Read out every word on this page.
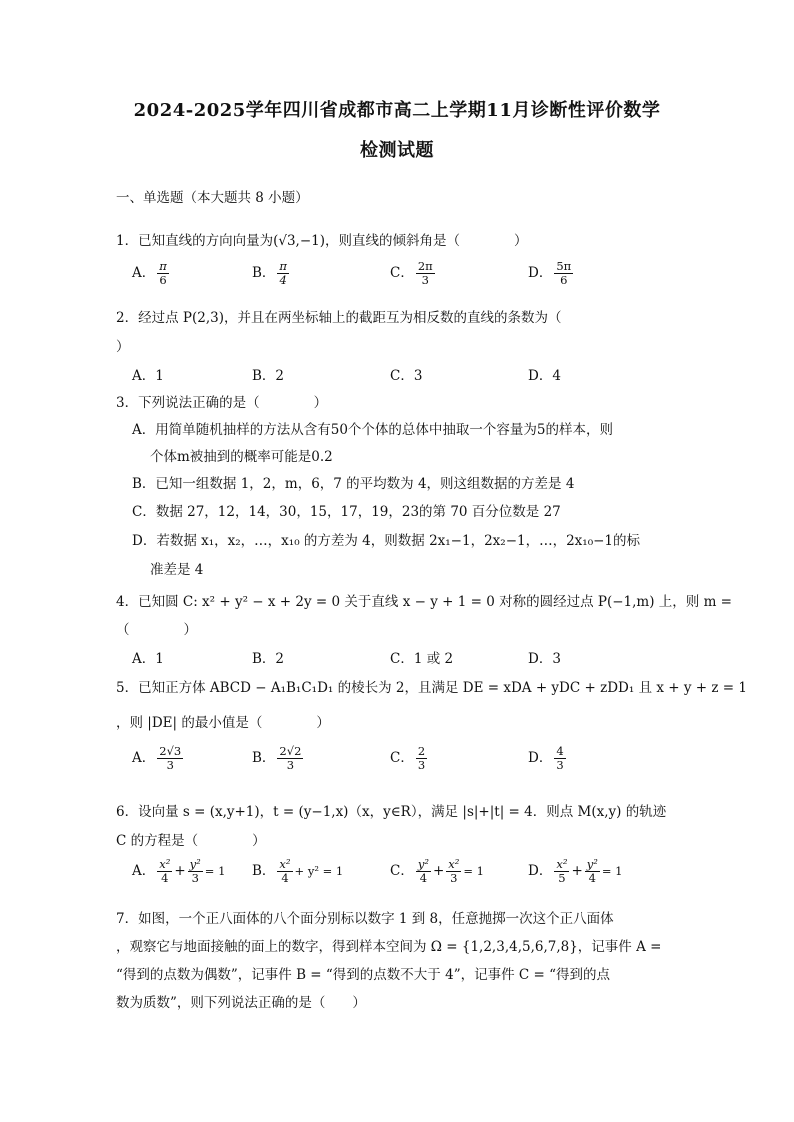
2024-2025学年四川省成都市高二上学期11月诊断性评价数学
检测试题
一、单选题（本大题共 8 小题）
1．已知直线的方向向量为(√3,−1)，则直线的倾斜角是（　　　　）
A． $\frac{\pi}{6}$	B． $\frac{\pi}{4}$	C． $\frac{2\pi}{3}$	D． $\frac{5\pi}{6}$
2．经过点 P(2,3)，并且在两坐标轴上的截距互为相反数的直线的条数为（
）
A．1	B．2	C．3	D．4
3．下列说法正确的是（　　　　）
A．用简单随机抽样的方法从含有50个个体的总体中抽取一个容量为5的样本，则
个体m被抽到的概率可能是0.2
B．已知一组数据 1，2，m，6，7 的平均数为 4，则这组数据的方差是 4
C．数据 27，12，14，30，15，17，19，23的第 70 百分位数是 27
D．若数据 x₁，x₂，…，x₁₀ 的方差为 4，则数据 2x₁−1，2x₂−1，…，2x₁₀−1的标
准差是 4
4．已知圆 C: x² + y² − x + 2y = 0 关于直线 x − y + 1 = 0 对称的圆经过点 P(−1,m) 上，则 m =
（　　　　）
A．1	B．2	C．1 或 2	D．3
5．已知正方体 ABCD − A₁B₁C₁D₁ 的棱长为 2，且满足 DE = xDA + yDC + zDD₁ 且 x + y + z = 1
，则 |DE| 的最小值是（　　　　）
A． $\frac{2√3}{3}$	B． $\frac{2√2}{3}$	C． $\frac{2}{3}$	D． $\frac{4}{3}$
6．设向量 s = (x,y+1)，t = (y−1,x)（x，y∈R），满足 |s|+|t| = 4．则点 M(x,y) 的轨迹
C 的方程是（　　　　）
A． $\frac{\text{x²}}{4} + \frac{\text{y²}}{3} = 1$ B． $\frac{\text{x²}}{4} + y^2 = 1$	C． $\frac{\text{y²}}{4} + \frac{\text{x²}}{3} = 1$	D． $\frac{\text{x²}}{5} + \frac{\text{y²}}{4} = 1$
7．如图，一个正八面体的八个面分别标以数字 1 到 8，任意抛掷一次这个正八面体
，观察它与地面接触的面上的数字，得到样本空间为 Ω = {1,2,3,4,5,6,7,8}，记事件 A =
“得到的点数为偶数”，记事件 B = “得到的点数不大于 4”，记事件 C = “得到的点
数为质数”，则下列说法正确的是（　　）
